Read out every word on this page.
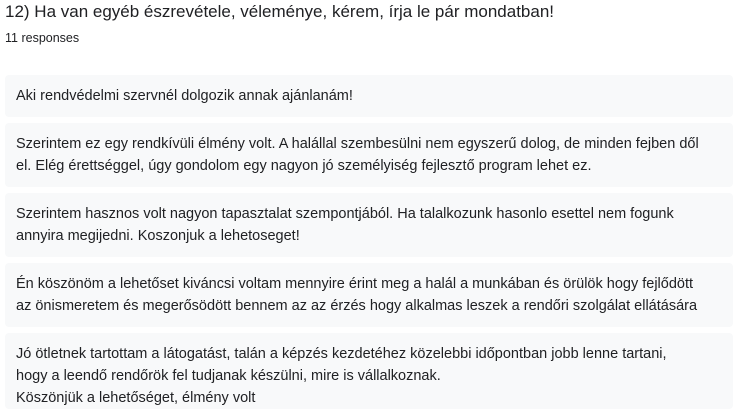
12) Ha van egyéb észrevétele, véleménye, kérem, írja le pár mondatban!
11 responses
Aki rendvédelmi szervnél dolgozik annak ajánlanám!
Szerintem ez egy rendkívüli élmény volt. A halállal szembesülni nem egyszerű dolog, de minden fejben dől
el. Elég érettséggel, úgy gondolom egy nagyon jó személyiség fejlesztő program lehet ez.
Szerintem hasznos volt nagyon tapasztalat szempontjából. Ha talalkozunk hasonlo esettel nem fogunk
annyira megijedni. Koszonjuk a lehetoseget!
Én köszönöm a lehetőset kiváncsi voltam mennyire érint meg a halál a munkában és örülök hogy fejlődött
az önismeretem és megerősödött bennem az az érzés hogy alkalmas leszek a rendőri szolgálat ellátására
Jó ötletnek tartottam a látogatást, talán a képzés kezdetéhez közelebbi időpontban jobb lenne tartani,
hogy a leendő rendőrök fel tudjanak készülni, mire is vállalkoznak.
Köszönjük a lehetőséget, élmény volt
